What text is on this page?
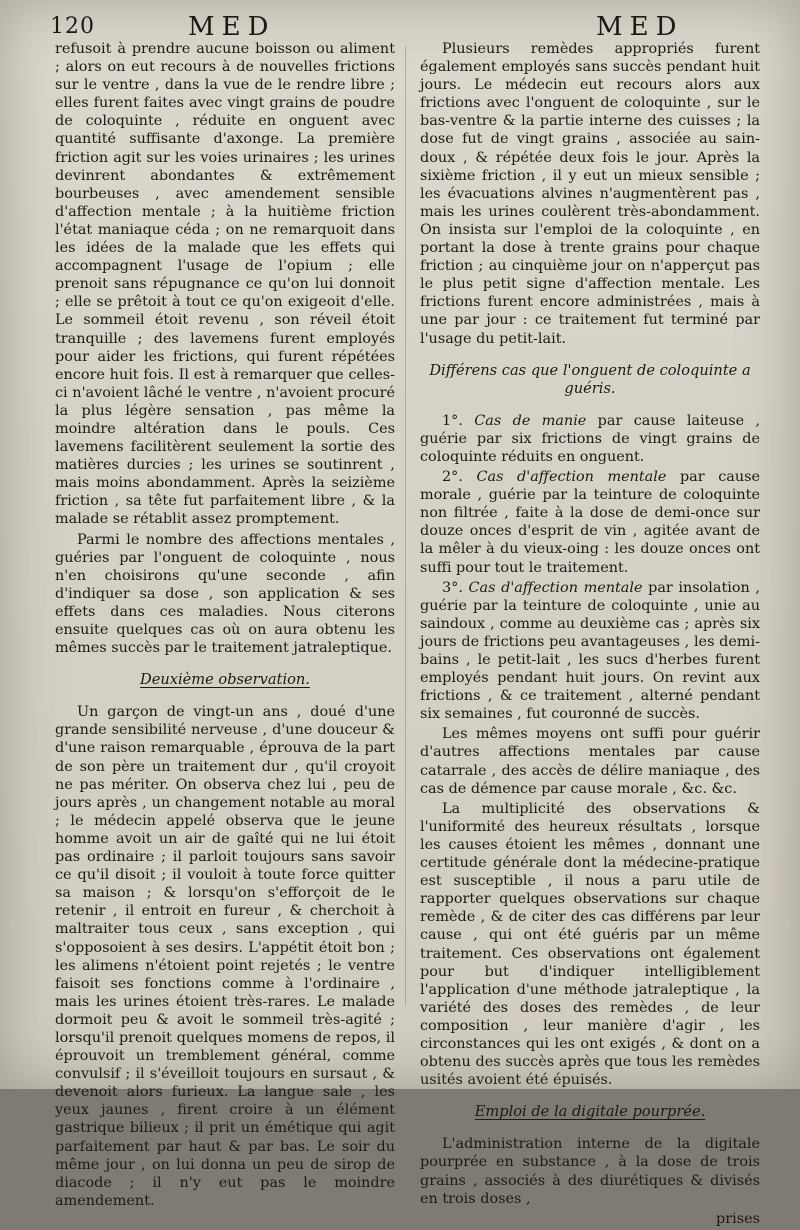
120	MED	MED

refusoit à prendre aucune boisson ou aliment ; alors on eut recours à de nouvelles frictions sur le ventre , dans la vue de le rendre libre ; elles furent faites avec vingt grains de poudre de coloquinte , réduite en onguent avec quantité suffisante d'axonge. La première friction agit sur les voies urinaires ; les urines devinrent abondantes & extrêmement bourbeuses , avec amendement sensible d'affection mentale ; à la huitième friction l'état maniaque céda ; on ne remarquoit dans les idées de la malade que les effets qui accompagnent l'usage de l'opium ; elle prenoit sans répugnance ce qu'on lui donnoit ; elle se prêtoit à tout ce qu'on exigeoit d'elle. Le sommeil étoit revenu , son réveil étoit tranquille ; des lavemens furent employés pour aider les frictions, qui furent répétées encore huit fois. Il est à remarquer que celles-ci n'avoient lâché le ventre , n'avoient procuré la plus légère sensation , pas même la moindre altération dans le pouls. Ces lavemens facilitèrent seulement la sortie des matières durcies ; les urines se soutinrent , mais moins abondamment. Après la seizième friction , sa tête fut parfaitement libre , & la malade se rétablit assez promptement.

Parmi le nombre des affections mentales , guéries par l'onguent de coloquinte , nous n'en choisirons qu'une seconde , afin d'indiquer sa dose , son application & ses effets dans ces maladies. Nous citerons ensuite quelques cas où on aura obtenu les mêmes succès par le traitement jatraleptique.

Deuxième observation.

Un garçon de vingt-un ans , doué d'une grande sensibilité nerveuse , d'une douceur & d'une raison remarquable , éprouva de la part de son père un traitement dur , qu'il croyoit ne pas mériter. On observa chez lui , peu de jours après , un changement notable au moral ; le médecin appelé observa que le jeune homme avoit un air de gaîté qui ne lui étoit pas ordinaire ; il parloit toujours sans savoir ce qu'il disoit ; il vouloit à toute force quitter sa maison ; & lorsqu'on s'efforçoit de le retenir , il entroit en fureur , & cherchoit à maltraiter tous ceux , sans exception , qui s'opposoient à ses desirs. L'appétit étoit bon ; les alimens n'étoient point rejetés ; le ventre faisoit ses fonctions comme à l'ordinaire , mais les urines étoient très-rares. Le malade dormoit peu & avoit le sommeil très-agité ; lorsqu'il prenoit quelques momens de repos, il éprouvoit un tremblement général, comme convulsif ; il s'éveilloit toujours en sursaut , & devenoit alors furieux. La langue sale , les yeux jaunes , firent croire à un élément gastrique bilieux ; il prit un émétique qui agit parfaitement par haut & par bas. Le soir du même jour , on lui donna un peu de sirop de diacode ; il n'y eut pas le moindre amendement.

Plusieurs remèdes appropriés furent également employés sans succès pendant huit jours. Le médecin eut recours alors aux frictions avec l'onguent de coloquinte , sur le bas-ventre & la partie interne des cuisses ; la dose fut de vingt grains , associée au sain-doux , & répétée deux fois le jour. Après la sixième friction , il y eut un mieux sensible ; les évacuations alvines n'augmentèrent pas , mais les urines coulèrent très-abondamment. On insista sur l'emploi de la coloquinte , en portant la dose à trente grains pour chaque friction ; au cinquième jour on n'apperçut pas le plus petit signe d'affection mentale. Les frictions furent encore administrées , mais à une par jour : ce traitement fut terminé par l'usage du petit-lait.

Différens cas que l'onguent de coloquinte a guéris.

1°. Cas de manie par cause laiteuse , guérie par six frictions de vingt grains de coloquinte réduits en onguent.

2°. Cas d'affection mentale par cause morale , guérie par la teinture de coloquinte non filtrée , faite à la dose de demi-once sur douze onces d'esprit de vin , agitée avant de la mêler à du vieux-oing : les douze onces ont suffi pour tout le traitement.

3°. Cas d'affection mentale par insolation , guérie par la teinture de coloquinte , unie au saindoux , comme au deuxième cas ; après six jours de frictions peu avantageuses , les demi-bains , le petit-lait , les sucs d'herbes furent employés pendant huit jours. On revint aux frictions , & ce traitement , alterné pendant six semaines , fut couronné de succès.

Les mêmes moyens ont suffi pour guérir d'autres affections mentales par cause catarrale , des accès de délire maniaque , des cas de démence par cause morale , &c. &c.

La multiplicité des observations & l'uniformité des heureux résultats , lorsque les causes étoient les mêmes , donnant une certitude générale dont la médecine-pratique est susceptible , il nous a paru utile de rapporter quelques observations sur chaque remède , & de citer des cas différens par leur cause , qui ont été guéris par un même traitement. Ces observations ont également pour but d'indiquer intelligiblement l'application d'une méthode jatraleptique , la variété des doses des remèdes , de leur composition , leur manière d'agir , les circonstances qui les ont exigés , & dont on a obtenu des succès après que tous les remèdes usités avoient été épuisés.

Emploi de la digitale pourprée.

L'administration interne de la digitale pourprée en substance , à la dose de trois grains , associés à des diurétiques & divisés en trois doses ,

prises
